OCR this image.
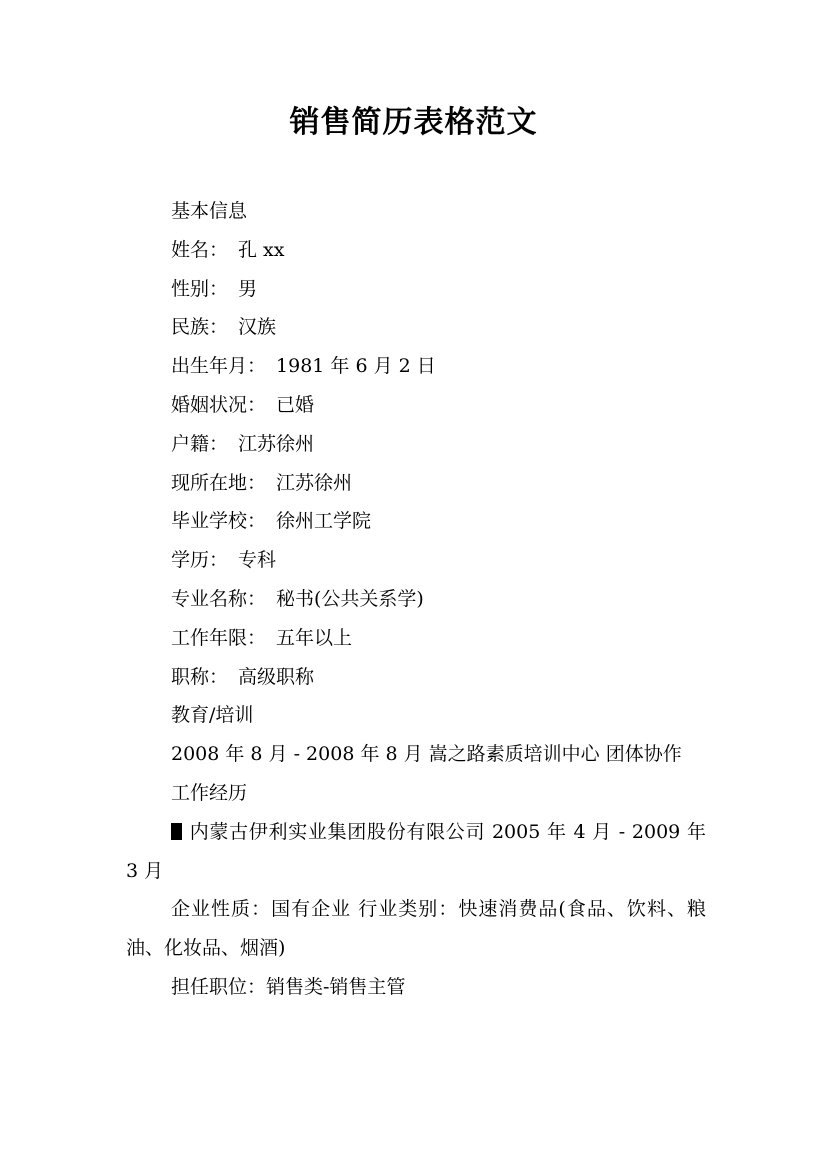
销售简历表格范文

基本信息

姓名： 孔 xx

性别： 男

民族： 汉族

出生年月： 1981 年 6 月 2 日

婚姻状况： 已婚

户籍： 江苏徐州

现所在地： 江苏徐州

毕业学校： 徐州工学院

学历： 专科

专业名称： 秘书(公共关系学)

工作年限： 五年以上

职称： 高级职称

教育/培训

2008 年 8 月 - 2008 年 8 月 嵩之路素质培训中心 团体协作

工作经历

内蒙古伊利实业集团股份有限公司 2005 年 4 月 - 2009 年 3 月

企业性质：国有企业 行业类别：快速消费品(食品、饮料、粮油、化妆品、烟酒)

担任职位：销售类-销售主管
